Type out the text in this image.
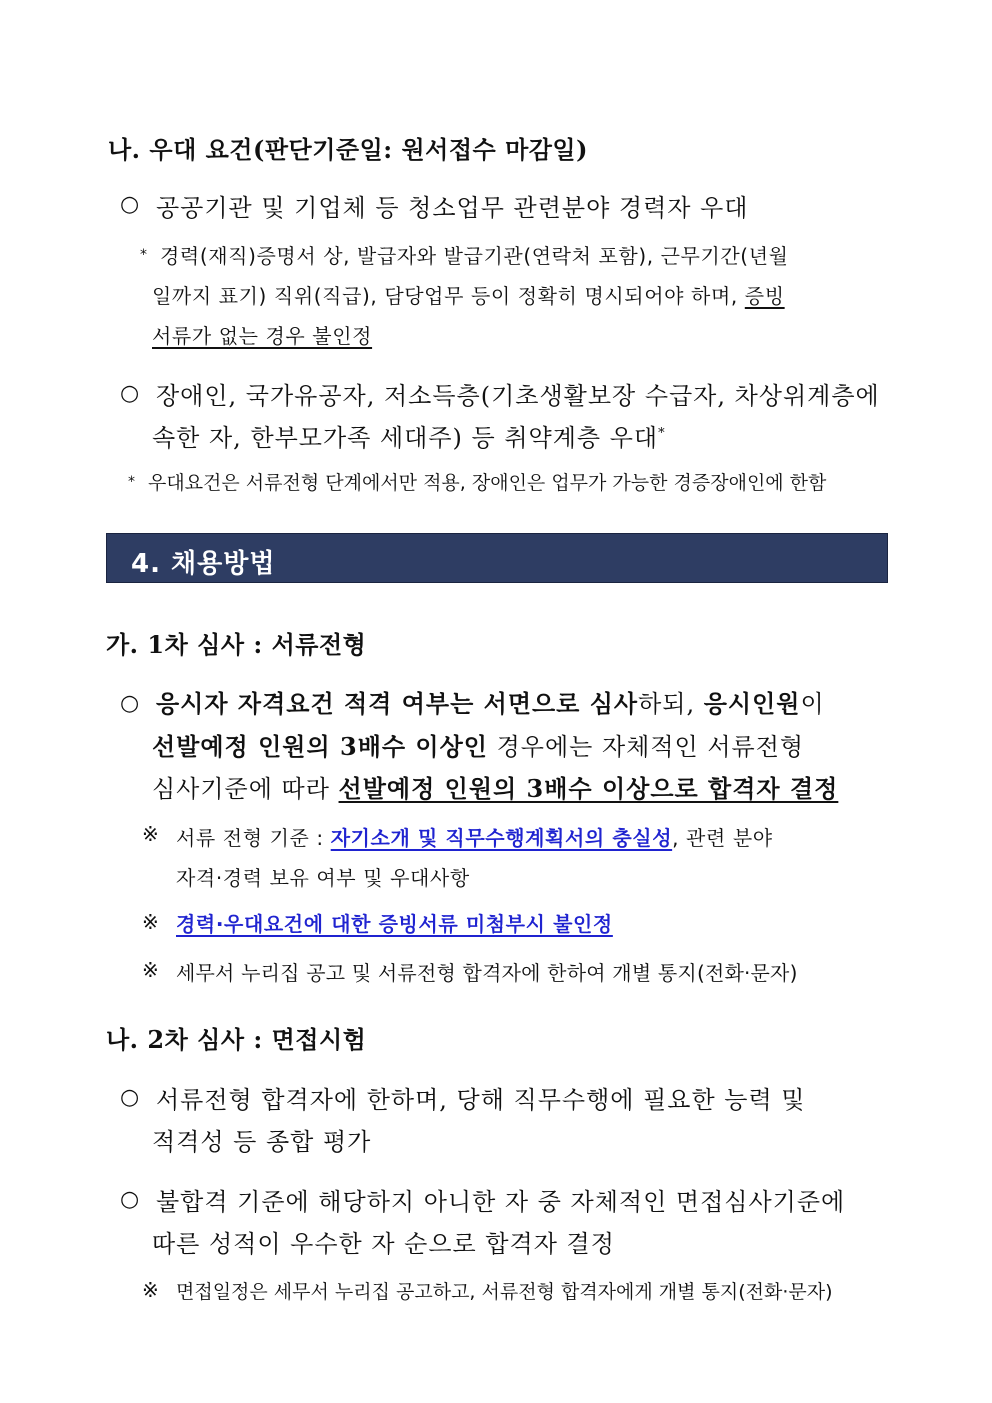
나. 우대 요건(판단기준일: 원서접수 마감일)
○ 공공기관 및 기업체 등 청소업무 관련분야 경력자 우대
* 경력(재직)증명서 상, 발급자와 발급기관(연락처 포함), 근무기간(년월
일까지 표기) 직위(직급), 담당업무 등이 정확히 명시되어야 하며, 증빙
서류가 없는 경우 불인정
○ 장애인, 국가유공자, 저소득층(기초생활보장 수급자, 차상위계층에
속한 자, 한부모가족 세대주) 등 취약계층 우대*
* 우대요건은 서류전형 단계에서만 적용, 장애인은 업무가 가능한 경증장애인에 한함
4. 채용방법
가. 1차 심사 : 서류전형
○ 응시자 자격요건 적격 여부는 서면으로 심사하되, 응시인원이
선발예정 인원의 3배수 이상인 경우에는 자체적인 서류전형
심사기준에 따라 선발예정 인원의 3배수 이상으로 합격자 결정
※ 서류 전형 기준 : 자기소개 및 직무수행계획서의 충실성, 관련 분야
자격·경력 보유 여부 및 우대사항
※ 경력·우대요건에 대한 증빙서류 미첨부시 불인정
※ 세무서 누리집 공고 및 서류전형 합격자에 한하여 개별 통지(전화·문자)
나. 2차 심사 : 면접시험
○ 서류전형 합격자에 한하며, 당해 직무수행에 필요한 능력 및
적격성 등 종합 평가
○ 불합격 기준에 해당하지 아니한 자 중 자체적인 면접심사기준에
따른 성적이 우수한 자 순으로 합격자 결정
※ 면접일정은 세무서 누리집 공고하고, 서류전형 합격자에게 개별 통지(전화·문자)
